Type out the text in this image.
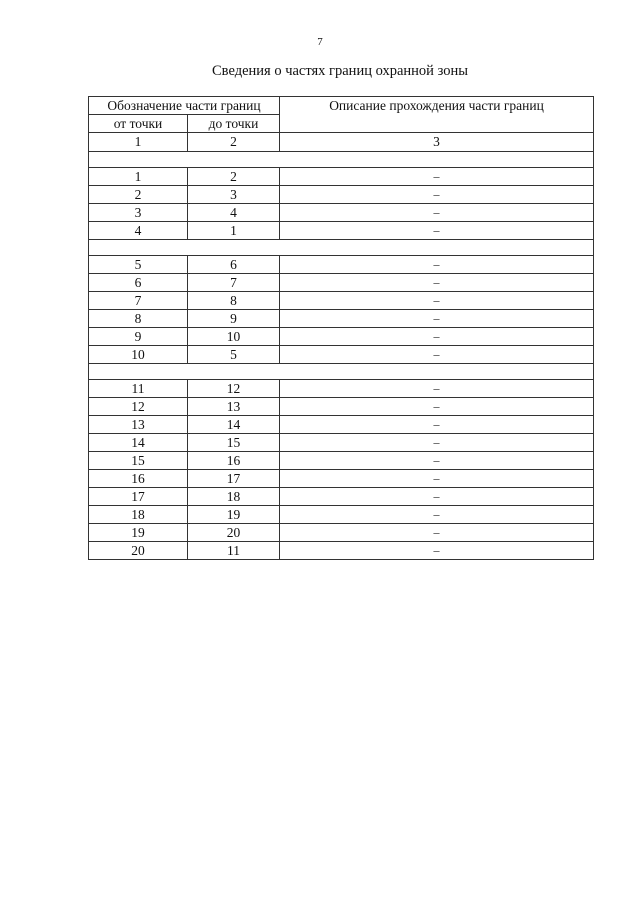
7
Сведения о частях границ охранной зоны
Обозначение части границ		Описание прохождения части границ
от точки	до точки	
1	2	3

1	2	–
2	3	–
3	4	–
4	1	–

5	6	–
6	7	–
7	8	–
8	9	–
9	10	–
10	5	–

11	12	–
12	13	–
13	14	–
14	15	–
15	16	–
16	17	–
17	18	–
18	19	–
19	20	–
20	11	–
